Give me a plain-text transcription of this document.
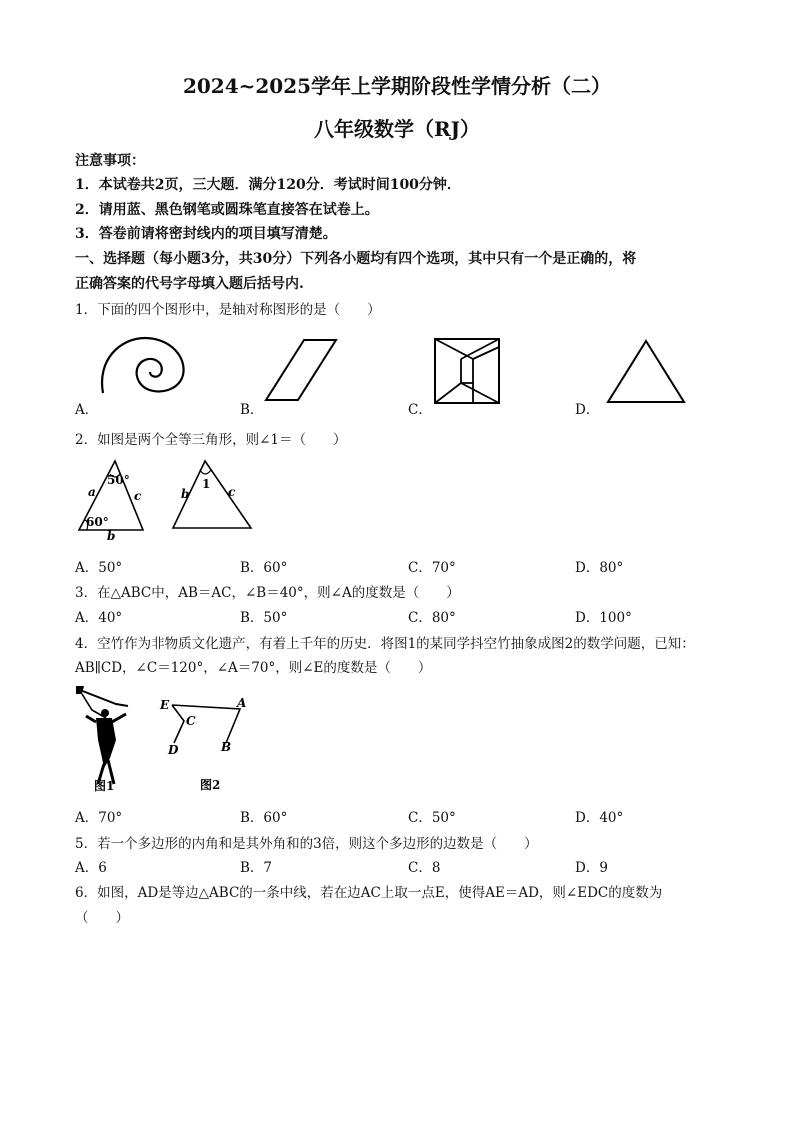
2024~2025学年上学期阶段性学情分析（二）
八年级数学（RJ）
注意事项：
1．本试卷共2页，三大题．满分120分．考试时间100分钟．
2．请用蓝、黑色钢笔或圆珠笔直接答在试卷上。
3．答卷前请将密封线内的项目填写清楚。
一、选择题（每小题3分，共30分）下列各小题均有四个选项，其中只有一个是正确的，将
正确答案的代号字母填入题后括号内.
1．下面的四个图形中，是轴对称图形的是（　　）
A．	B．	C．	D．
2．如图是两个全等三角形，则∠1＝（　　）
50°
a	c
60°
b
b
1
c
A．50°	B．60°	C．70°	D．80°
3．在△ABC中，AB＝AC，∠B＝40°，则∠A的度数是（　　）
A．40°	B．50°	C．80°	D．100°
4．空竹作为非物质文化遗产，有着上千年的历史．将图1的某同学抖空竹抽象成图2的数学问题，已知：
AB∥CD，∠C＝120°，∠A＝70°，则∠E的度数是（　　）
图1
E	A
C
D	B
图2
A．70°	B．60°	C．50°	D．40°
5．若一个多边形的内角和是其外角和的3倍，则这个多边形的边数是（　　）
A．6	B．7	C．8	D．9
6．如图，AD是等边△ABC的一条中线，若在边AC上取一点E，使得AE＝AD，则∠EDC的度数为
（　　）
